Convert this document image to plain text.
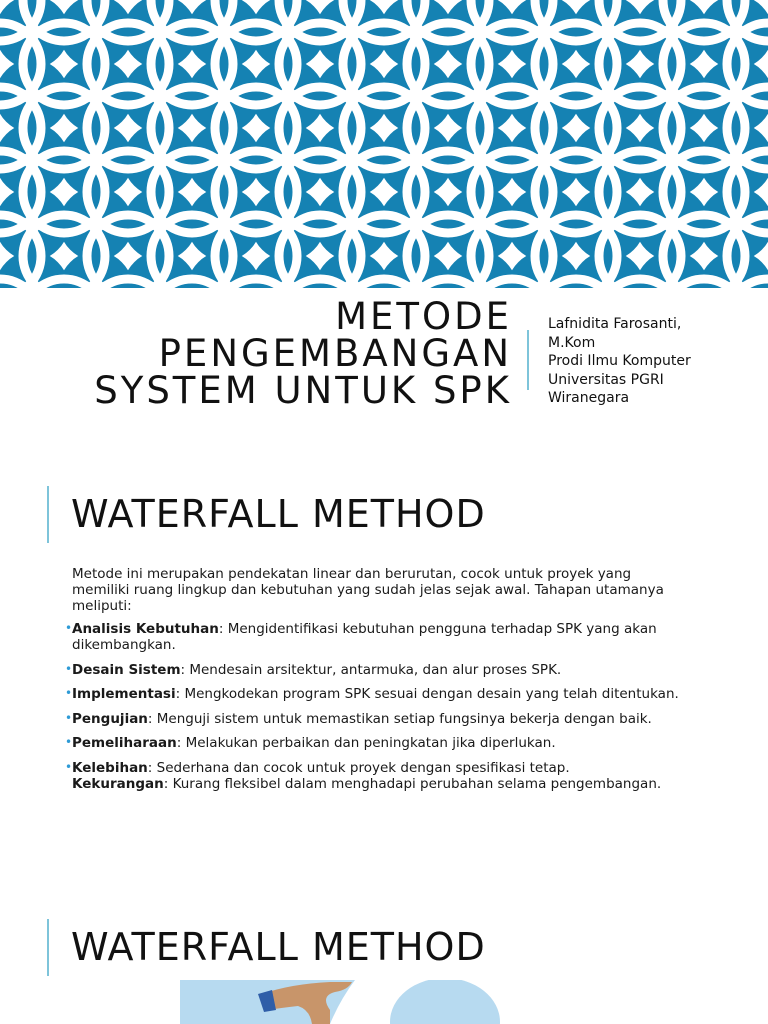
METODE
PENGEMBANGAN
SYSTEM UNTUK SPK
Lafnidita Farosanti,
M.Kom
Prodi Ilmu Komputer
Universitas PGRI
Wiranegara
WATERFALL METHOD

Metode ini merupakan pendekatan linear dan berurutan, cocok untuk proyek yang memiliki ruang lingkup dan kebutuhan yang sudah jelas sejak awal. Tahapan utamanya meliputi:

• Analisis Kebutuhan: Mengidentifikasi kebutuhan pengguna terhadap SPK yang akan dikembangkan.
• Desain Sistem: Mendesain arsitektur, antarmuka, dan alur proses SPK.
• Implementasi: Mengkodekan program SPK sesuai dengan desain yang telah ditentukan.
• Pengujian: Menguji sistem untuk memastikan setiap fungsinya bekerja dengan baik.
• Pemeliharaan: Melakukan perbaikan dan peningkatan jika diperlukan.
• Kelebihan: Sederhana dan cocok untuk proyek dengan spesifikasi tetap.
Kekurangan: Kurang fleksibel dalam menghadapi perubahan selama pengembangan.
WATERFALL METHOD
